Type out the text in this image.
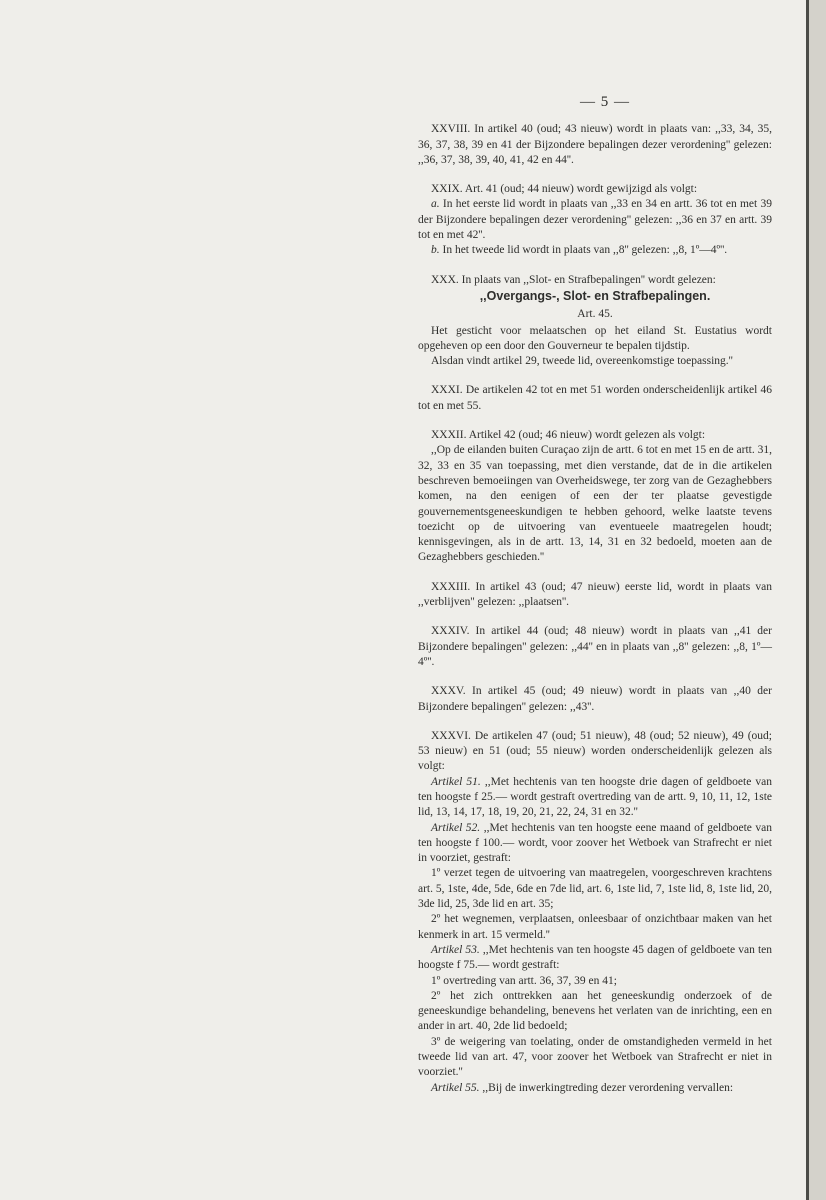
— 5 —

XXVIII. In artikel 40 (oud; 43 nieuw) wordt in plaats van: ,,33, 34, 35, 36, 37, 38, 39 en 41 der Bijzondere bepalingen dezer verordening'' gelezen: ,,36, 37, 38, 39, 40, 41, 42 en 44''.

XXIX. Art. 41 (oud; 44 nieuw) wordt gewijzigd als volgt:

a. In het eerste lid wordt in plaats van ,,33 en 34 en artt. 36 tot en met 39 der Bijzondere bepalingen dezer verordening'' gelezen: ,,36 en 37 en artt. 39 tot en met 42''.

b. In het tweede lid wordt in plaats van ,,8'' gelezen: ,,8, 1º—4º''.

XXX. In plaats van ,,Slot- en Strafbepalingen'' wordt gelezen:

,,Overgangs-, Slot- en Strafbepalingen.
Art. 45.

Het gesticht voor melaatschen op het eiland St. Eustatius wordt opgeheven op een door den Gouverneur te bepalen tijdstip.

Alsdan vindt artikel 29, tweede lid, overeenkomstige toepassing.''

XXXI. De artikelen 42 tot en met 51 worden onderscheidenlijk artikel 46 tot en met 55.

XXXII. Artikel 42 (oud; 46 nieuw) wordt gelezen als volgt:

,,Op de eilanden buiten Curaçao zijn de artt. 6 tot en met 15 en de artt. 31, 32, 33 en 35 van toepassing, met dien verstande, dat de in die artikelen beschreven bemoeiingen van Overheidswege, ter zorg van de Gezaghebbers komen, na den eenigen of een der ter plaatse gevestigde gouvernementsgeneeskundigen te hebben gehoord, welke laatste tevens toezicht op de uitvoering van eventueele maatregelen houdt; kennisgevingen, als in de artt. 13, 14, 31 en 32 bedoeld, moeten aan de Gezaghebbers geschieden.''

XXXIII. In artikel 43 (oud; 47 nieuw) eerste lid, wordt in plaats van ,,verblijven'' gelezen: ,,plaatsen''.

XXXIV. In artikel 44 (oud; 48 nieuw) wordt in plaats van ,,41 der Bijzondere bepalingen'' gelezen: ,,44'' en in plaats van ,,8'' gelezen: ,,8, 1º—4º''.

XXXV. In artikel 45 (oud; 49 nieuw) wordt in plaats van ,,40 der Bijzondere bepalingen'' gelezen: ,,43''.

XXXVI. De artikelen 47 (oud; 51 nieuw), 48 (oud; 52 nieuw), 49 (oud; 53 nieuw) en 51 (oud; 55 nieuw) worden onderscheidenlijk gelezen als volgt:

Artikel 51. ,,Met hechtenis van ten hoogste drie dagen of geldboete van ten hoogste f 25.— wordt gestraft overtreding van de artt. 9, 10, 11, 12, 1ste lid, 13, 14, 17, 18, 19, 20, 21, 22, 24, 31 en 32.''

Artikel 52. ,,Met hechtenis van ten hoogste eene maand of geldboete van ten hoogste f 100.— wordt, voor zoover het Wetboek van Strafrecht er niet in voorziet, gestraft:

1º verzet tegen de uitvoering van maatregelen, voorgeschreven krachtens art. 5, 1ste, 4de, 5de, 6de en 7de lid, art. 6, 1ste lid, 7, 1ste lid, 8, 1ste lid, 20, 3de lid, 25, 3de lid en art. 35;

2º het wegnemen, verplaatsen, onleesbaar of onzichtbaar maken van het kenmerk in art. 15 vermeld.''

Artikel 53. ,,Met hechtenis van ten hoogste 45 dagen of geldboete van ten hoogste f 75.— wordt gestraft:

1º overtreding van artt. 36, 37, 39 en 41;

2º het zich onttrekken aan het geneeskundig onderzoek of de geneeskundige behandeling, benevens het verlaten van de inrichting, een en ander in art. 40, 2de lid bedoeld;

3º de weigering van toelating, onder de omstandigheden vermeld in het tweede lid van art. 47, voor zoover het Wetboek van Strafrecht er niet in voorziet.''

Artikel 55. ,,Bij de inwerkingtreding dezer verordening vervallen:
